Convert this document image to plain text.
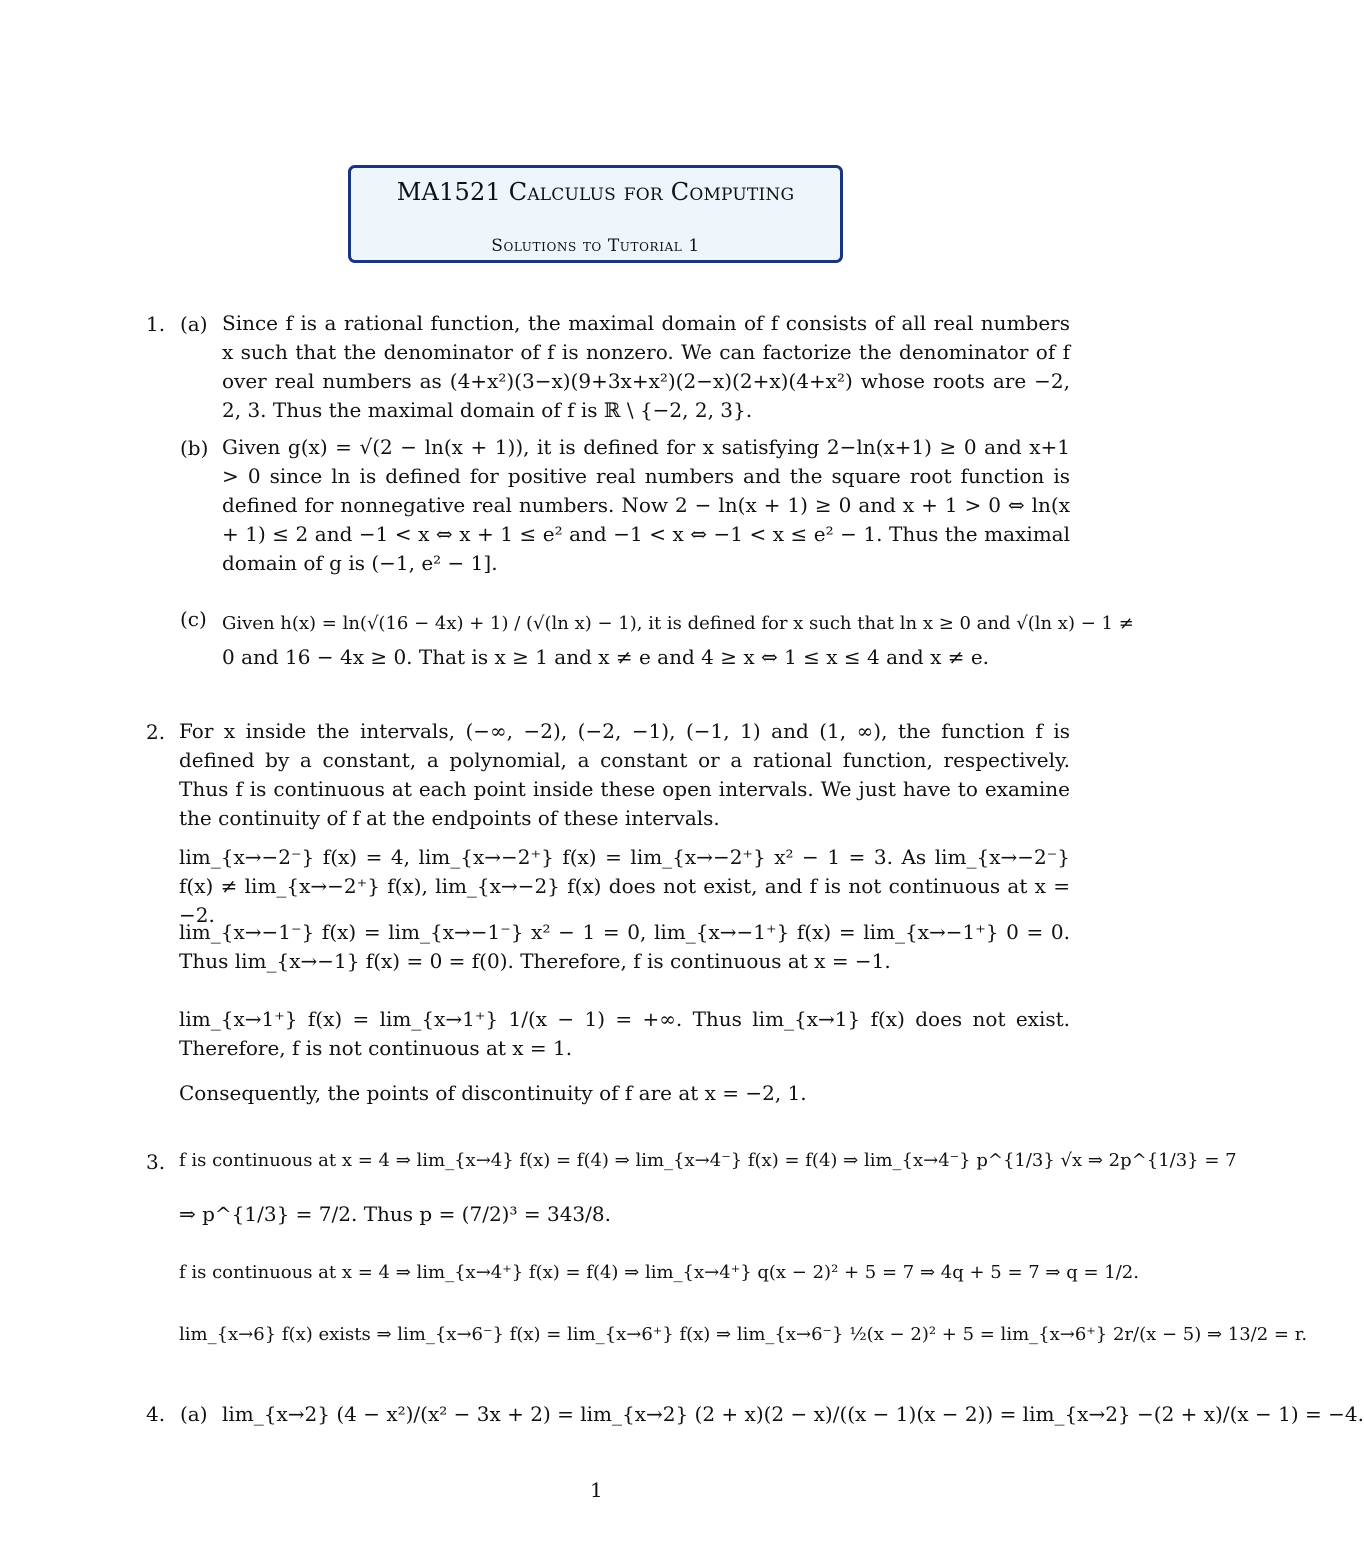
MA1521 Calculus for Computing
Solutions to Tutorial 1
1. (a) Since f is a rational function, the maximal domain of f consists of all real numbers x such that the denominator of f is nonzero. We can factorize the denominator of f over real numbers as (4+x²)(3−x)(9+3x+x²)(2−x)(2+x)(4+x²) whose roots are −2, 2, 3. Thus the maximal domain of f is ℝ \ {−2, 2, 3}.
(b) Given g(x) = √(2 − ln(x + 1)), it is defined for x satisfying 2−ln(x+1) ≥ 0 and x+1 > 0 since ln is defined for positive real numbers and the square root function is defined for nonnegative real numbers. Now 2 − ln(x + 1) ≥ 0 and x + 1 > 0 ⇔ ln(x + 1) ≤ 2 and −1 < x ⇔ x + 1 ≤ e² and −1 < x ⇔ −1 < x ≤ e² − 1. Thus the maximal domain of g is (−1, e² − 1].
(c) Given h(x) = ln(√(16 − 4x) + 1) / (√(ln x) − 1), it is defined for x such that ln x ≥ 0 and √(ln x) − 1 ≠
0 and 16 − 4x ≥ 0. That is x ≥ 1 and x ≠ e and 4 ≥ x ⇔ 1 ≤ x ≤ 4 and x ≠ e.
2. For x inside the intervals, (−∞, −2), (−2, −1), (−1, 1) and (1, ∞), the function f is defined by a constant, a polynomial, a constant or a rational function, respectively. Thus f is continuous at each point inside these open intervals. We just have to examine the continuity of f at the endpoints of these intervals.
lim_{x→−2⁻} f(x) = 4, lim_{x→−2⁺} f(x) = lim_{x→−2⁺} x² − 1 = 3. As lim_{x→−2⁻} f(x) ≠ lim_{x→−2⁺} f(x), lim_{x→−2} f(x) does not exist, and f is not continuous at x = −2.
lim_{x→−1⁻} f(x) = lim_{x→−1⁻} x² − 1 = 0, lim_{x→−1⁺} f(x) = lim_{x→−1⁺} 0 = 0. Thus lim_{x→−1} f(x) = 0 = f(0). Therefore, f is continuous at x = −1.
lim_{x→1⁺} f(x) = lim_{x→1⁺} 1/(x − 1) = +∞. Thus lim_{x→1} f(x) does not exist. Therefore, f is not continuous at x = 1.
Consequently, the points of discontinuity of f are at x = −2, 1.
3. f is continuous at x = 4 ⇒ lim_{x→4} f(x) = f(4) ⇒ lim_{x→4⁻} f(x) = f(4) ⇒ lim_{x→4⁻} p^{1/3} √x ⇒ 2p^{1/3} = 7
⇒ p^{1/3} = 7/2. Thus p = (7/2)³ = 343/8.
f is continuous at x = 4 ⇒ lim_{x→4⁺} f(x) = f(4) ⇒ lim_{x→4⁺} q(x − 2)² + 5 = 7 ⇒ 4q + 5 = 7 ⇒ q = 1/2.
lim_{x→6} f(x) exists ⇒ lim_{x→6⁻} f(x) = lim_{x→6⁺} f(x) ⇒ lim_{x→6⁻} ½(x − 2)² + 5 = lim_{x→6⁺} 2r/(x − 5) ⇒ 13/2 = r.
4. (a) lim_{x→2} (4 − x²)/(x² − 3x + 2) = lim_{x→2} (2 + x)(2 − x)/((x − 1)(x − 2)) = lim_{x→2} −(2 + x)/(x − 1) = −4.
1
